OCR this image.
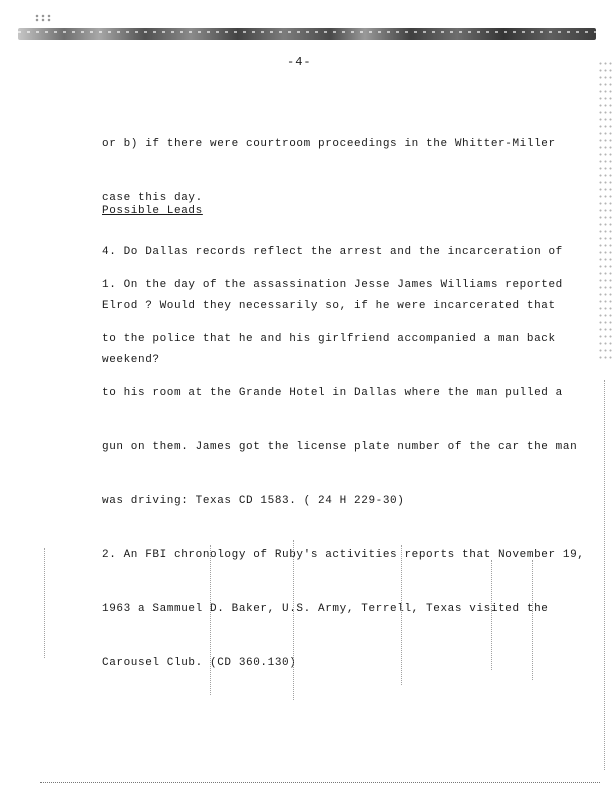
-4-

or b) if there were courtroom proceedings in the Whitter-Miller

case this day.

4. Do Dallas records reflect the arrest and the incarceration of

Elrod ? Would they necessarily so, if he were incarcerated that

weekend?

Possible Leads

1. On the day of the assassination Jesse James Williams reported

to the police that he and his girlfriend accompanied a man back

to his room at the Grande Hotel in Dallas where the man pulled a

gun on them. James got the license plate number of the car the man

was driving: Texas CD 1583. ( 24 H 229-30)

2. An FBI chronology of Ruby's activities reports that November 19,

1963 a Sammuel D. Baker, U.S. Army, Terrell, Texas visited the

Carousel Club. (CD 360.130)
